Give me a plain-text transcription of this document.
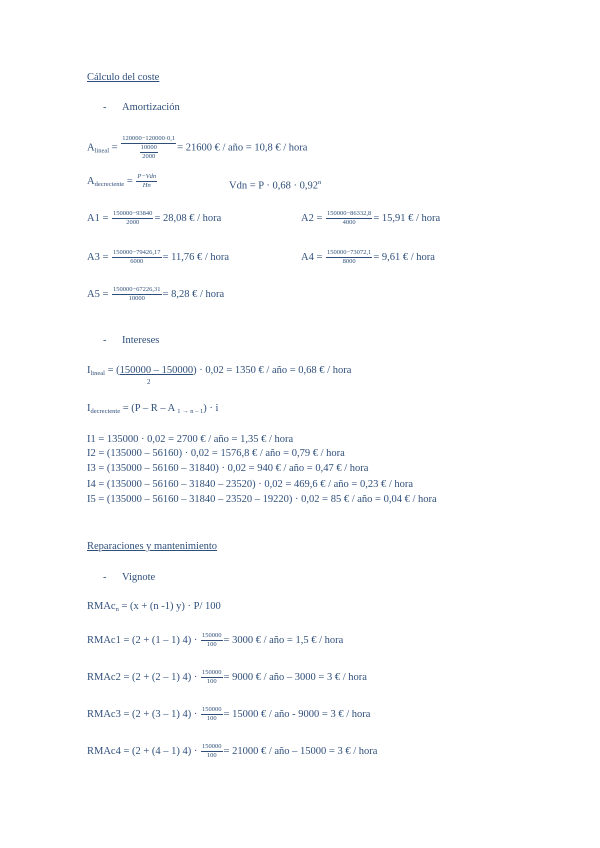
Cálculo del coste
- Amortización
$A_{lineal} = \frac{120000-120000\cdot 0,1}{\frac{10000}{2000}} = 21600$ € / año = 10,8 € / hora
$A_{decreciente} = \frac{\text{P−Vdn}}{Hn}$	Vdn = $P \cdot 0,68 \cdot 0,92^n$
$A1 = \frac{150000-93840}{2000} = 28,08$ € / hora	$A2 = \frac{150000-86332,8}{4000} = 15,91$ € / hora
$A3 = \frac{150000-79426,17}{6000} = 11,76$ € / hora	$A4 = \frac{150000-73072,1}{8000} = 9,61$ € / hora
$A5 = \frac{150000-67226,31}{10000} = 8,28$ € / hora
- Intereses
$I_{lineal} = (150000 - 150000) \cdot 0,02 = 1350$ € / año = 0,68 € / hora
2
$I_{decreciente} = (P - R - A$ $_{1 \to n - 1}$) · i
I1 = 135000 · 0,02 = 2700 € / año = 1,35 € / hora
I2 = (135000 – 56160) · 0,02 = 1576,8 € / año = 0,79 € / hora
I3 = (135000 – 56160 – 31840) · 0,02 = 940 € / año = 0,47 € / hora
I4 = (135000 – 56160 – 31840 – 23520) · 0,02 = 469,6 € / año = 0,23 € / hora
I5 = (135000 – 56160 – 31840 – 23520 – 19220) · 0,02 = 85 € / año = 0,04 € / hora
Reparaciones y mantenimiento
- Vignote
RMAc$_n$ = (x + (n -1) y) · P/ 100
RMAc1 = (2 + (1 – 1) $4) \cdot \frac{150000}{100} = 3000$ € / año = 1,5 € / hora
RMAc2 = (2 + (2 – 1) $4) \cdot \frac{150000}{100} = 9000$ € / año – 3000 = 3 € / hora
RMAc3 = (2 + (3 – 1) $4) \cdot \frac{150000}{100} = 15000$ € / año - 9000 = 3 € / hora
RMAc4 = (2 + (4 – 1) $4) \cdot \frac{150000}{100} = 21000$ € / año – 15000 = 3 € / hora
